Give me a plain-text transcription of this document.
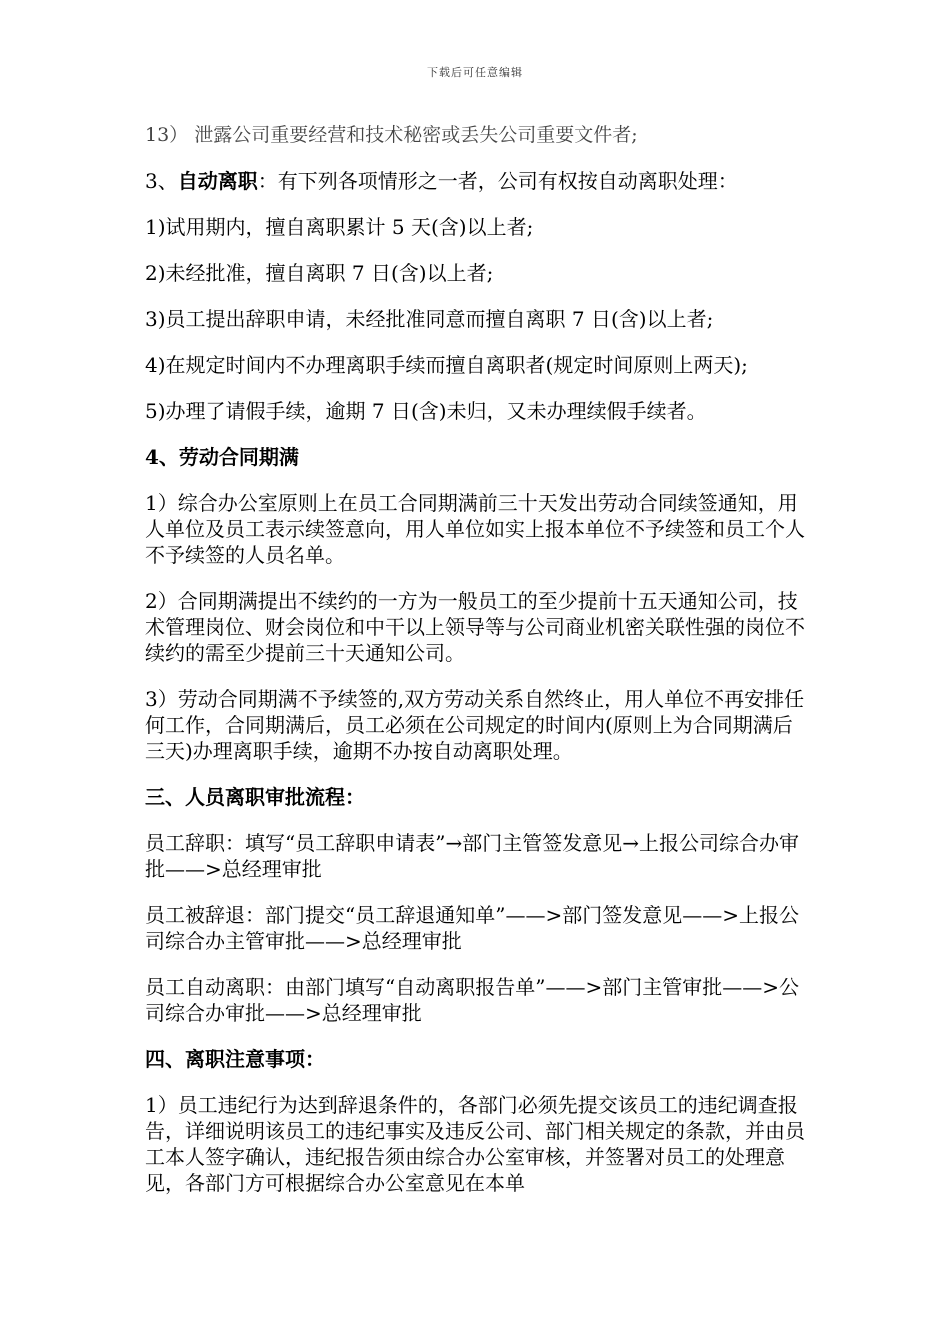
下载后可任意编辑

13） 泄露公司重要经营和技术秘密或丢失公司重要文件者;

3、自动离职：有下列各项情形之一者，公司有权按自动离职处理：

1)试用期内，擅自离职累计 5 天(含)以上者;

2)未经批准，擅自离职 7 日(含)以上者;

3)员工提出辞职申请，未经批准同意而擅自离职 7 日(含)以上者;

4)在规定时间内不办理离职手续而擅自离职者(规定时间原则上两天);

5)办理了请假手续，逾期 7 日(含)未归，又未办理续假手续者。

4、劳动合同期满

1）综合办公室原则上在员工合同期满前三十天发出劳动合同续签通知，用人单位及员工表示续签意向，用人单位如实上报本单位不予续签和员工个人不予续签的人员名单。

2）合同期满提出不续约的一方为一般员工的至少提前十五天通知公司，技术管理岗位、财会岗位和中干以上领导等与公司商业机密关联性强的岗位不续约的需至少提前三十天通知公司。

3）劳动合同期满不予续签的,双方劳动关系自然终止，用人单位不再安排任何工作，合同期满后，员工必须在公司规定的时间内(原则上为合同期满后三天)办理离职手续，逾期不办按自动离职处理。

三、人员离职审批流程：

员工辞职：填写“员工辞职申请表”→部门主管签发意见→上报公司综合办审批——>总经理审批

员工被辞退：部门提交“员工辞退通知单”——>部门签发意见——>上报公司综合办主管审批——>总经理审批

员工自动离职：由部门填写“自动离职报告单”——>部门主管审批——>公司综合办审批——>总经理审批

四、离职注意事项：

1）员工违纪行为达到辞退条件的，各部门必须先提交该员工的违纪调查报告，详细说明该员工的违纪事实及违反公司、部门相关规定的条款，并由员工本人签字确认，违纪报告须由综合办公室审核，并签署对员工的处理意见，各部门方可根据综合办公室意见在本单
